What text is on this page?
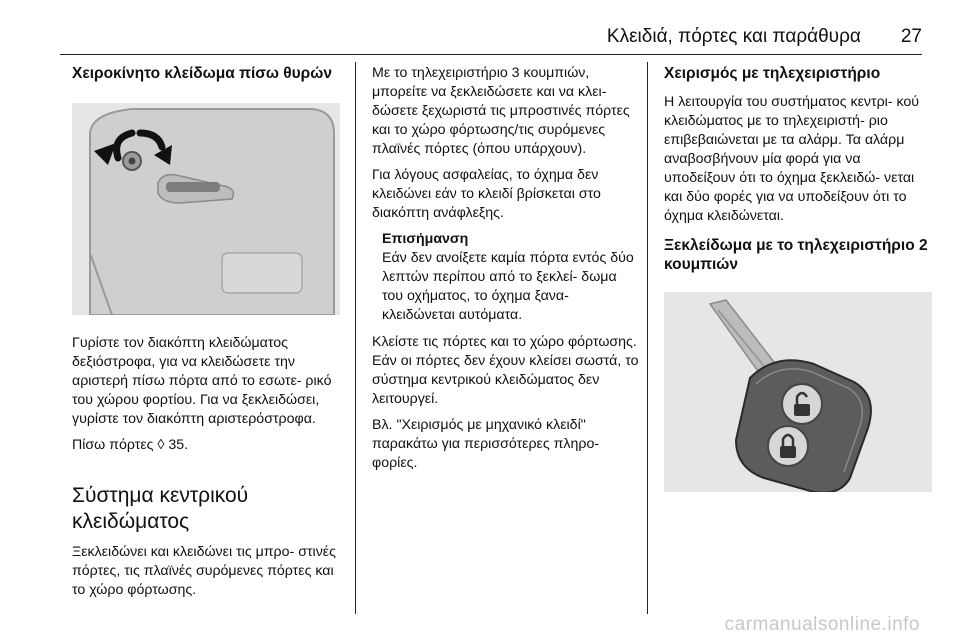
Κλειδιά, πόρτες και παράθυρα 27
Χειροκίνητο κλείδωμα πίσω θυρών

Γυρίστε τον διακόπτη κλειδώματος δεξιόστροφα, για να κλειδώσετε την αριστερή πίσω πόρτα από το εσωτε‐ ρικό του χώρου φορτίου. Για να ξεκλειδώσει, γυρίστε τον διακόπτη αριστερόστροφα.

Πίσω πόρτες ◊ 35.

Σύστημα κεντρικού κλειδώματος

Ξεκλειδώνει και κλειδώνει τις μπρο‐ στινές πόρτες, τις πλαϊνές συρόμενες πόρτες και το χώρο φόρτωσης.

Με το τηλεχειριστήριο 3 κουμπιών, μπορείτε να ξεκλειδώσετε και να κλει‐ δώσετε ξεχωριστά τις μπροστινές πόρτες και το χώρο φόρτωσης/τις συρόμενες πλαϊνές πόρτες (όπου υπάρχουν).

Για λόγους ασφαλείας, το όχημα δεν κλειδώνει εάν το κλειδί βρίσκεται στο διακόπτη ανάφλεξης.

Επισήμανση

Εάν δεν ανοίξετε καμία πόρτα εντός δύο λεπτών περίπου από το ξεκλεί‐ δωμα του οχήματος, το όχημα ξανα‐ κλειδώνεται αυτόματα.

Κλείστε τις πόρτες και το χώρο φόρτωσης. Εάν οι πόρτες δεν έχουν κλείσει σωστά, το σύστημα κεντρικού κλειδώματος δεν λειτουργεί.

Βλ. "Χειρισμός με μηχανικό κλειδί" παρακάτω για περισσότερες πληρο‐ φορίες.

Χειρισμός με τηλεχειριστήριο

Η λειτουργία του συστήματος κεντρι‐ κού κλειδώματος με το τηλεχειριστή‐ ριο επιβεβαιώνεται με τα αλάρμ. Τα αλάρμ αναβοσβήνουν μία φορά για να υποδείξουν ότι το όχημα ξεκλειδώ‐ νεται και δύο φορές για να υποδείξουν ότι το όχημα κλειδώνεται.

Ξεκλείδωμα με το τηλεχειριστήριο 2 κουμπιών
carmanualsonline.info
